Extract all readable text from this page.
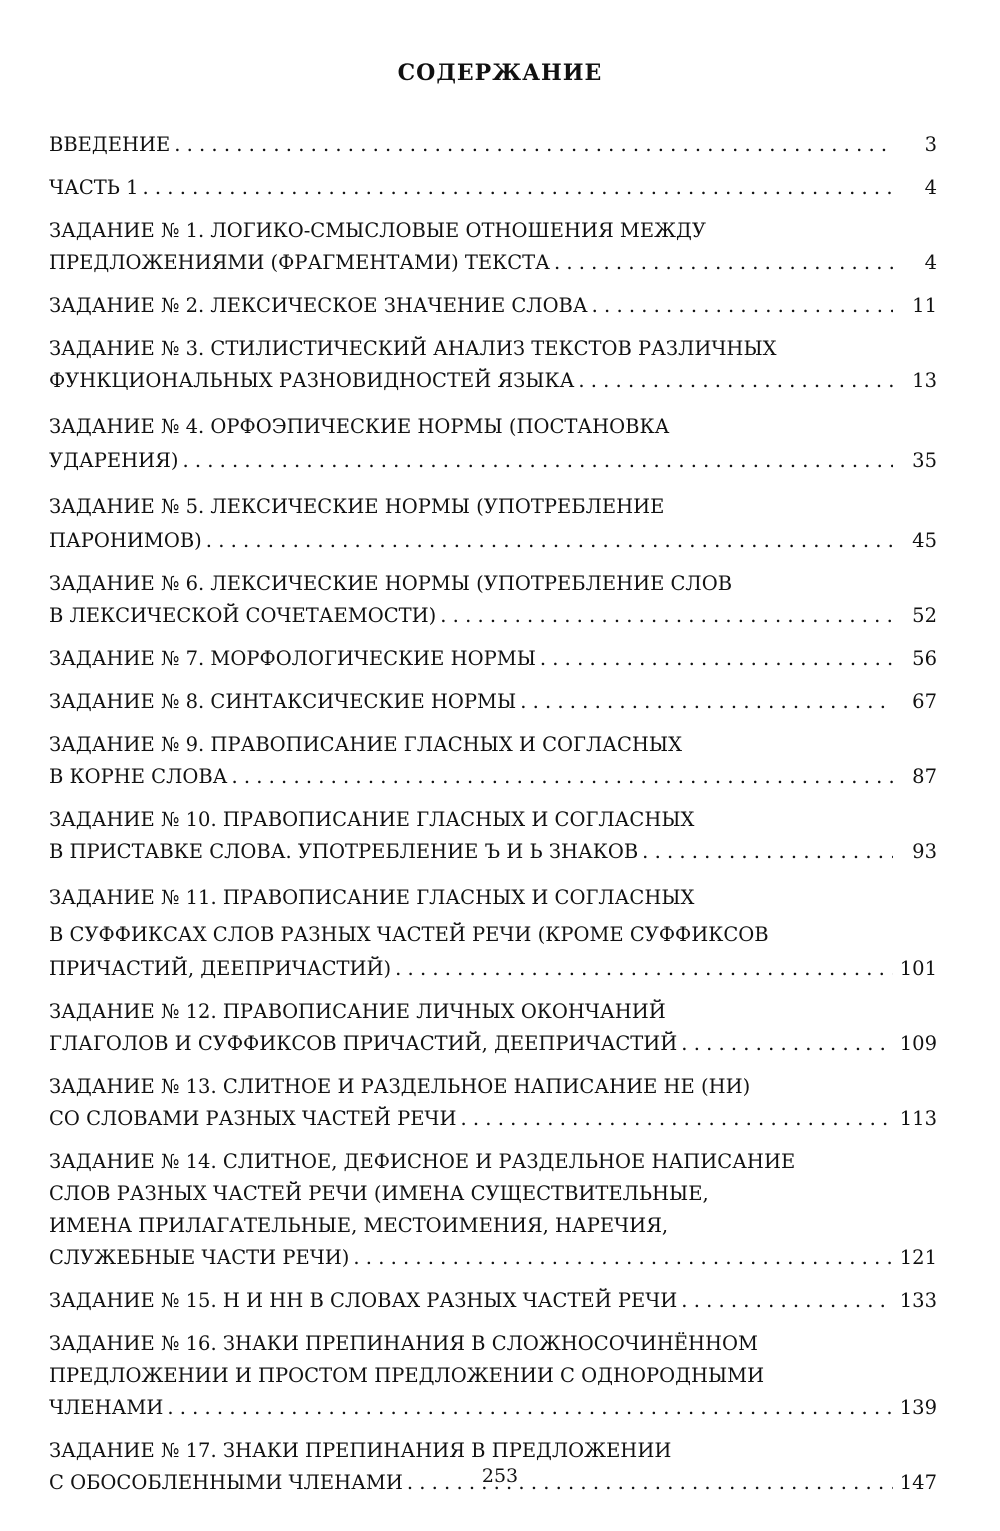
СОДЕРЖАНИЕ
ВВЕДЕНИЕ . . .	3
ЧАСТЬ 1 . . .	4
ЗАДАНИЕ № 1. ЛОГИКО-СМЫСЛОВЫЕ ОТНОШЕНИЯ МЕЖДУ
ПРЕДЛОЖЕНИЯМИ (ФРАГМЕНТАМИ) ТЕКСТА . . .	4
ЗАДАНИЕ № 2. ЛЕКСИЧЕСКОЕ ЗНАЧЕНИЕ СЛОВА . . .	11
ЗАДАНИЕ № 3. СТИЛИСТИЧЕСКИЙ АНАЛИЗ ТЕКСТОВ РАЗЛИЧНЫХ
ФУНКЦИОНАЛЬНЫХ РАЗНОВИДНОСТЕЙ ЯЗЫКА . . .	13
ЗАДАНИЕ № 4. ОРФОЭПИЧЕСКИЕ НОРМЫ (ПОСТАНОВКА
УДАРЕНИЯ) . . .	35
ЗАДАНИЕ № 5. ЛЕКСИЧЕСКИЕ НОРМЫ (УПОТРЕБЛЕНИЕ
ПАРОНИМОВ) . . .	45
ЗАДАНИЕ № 6. ЛЕКСИЧЕСКИЕ НОРМЫ (УПОТРЕБЛЕНИЕ СЛОВ
В ЛЕКСИЧЕСКОЙ СОЧЕТАЕМОСТИ) . . .	52
ЗАДАНИЕ № 7. МОРФОЛОГИЧЕСКИЕ НОРМЫ . . .	56
ЗАДАНИЕ № 8. СИНТАКСИЧЕСКИЕ НОРМЫ . . .	67
ЗАДАНИЕ № 9. ПРАВОПИСАНИЕ ГЛАСНЫХ И СОГЛАСНЫХ
В КОРНЕ СЛОВА . . .	87
ЗАДАНИЕ № 10. ПРАВОПИСАНИЕ ГЛАСНЫХ И СОГЛАСНЫХ
В ПРИСТАВКЕ СЛОВА. УПОТРЕБЛЕНИЕ Ъ И Ь ЗНАКОВ . . .	93
ЗАДАНИЕ № 11. ПРАВОПИСАНИЕ ГЛАСНЫХ И СОГЛАСНЫХ
В СУФФИКСАХ СЛОВ РАЗНЫХ ЧАСТЕЙ РЕЧИ (КРОМЕ СУФФИКСОВ
ПРИЧАСТИЙ, ДЕЕПРИЧАСТИЙ) . . .	101
ЗАДАНИЕ № 12. ПРАВОПИСАНИЕ ЛИЧНЫХ ОКОНЧАНИЙ
ГЛАГОЛОВ И СУФФИКСОВ ПРИЧАСТИЙ, ДЕЕПРИЧАСТИЙ . . .	109
ЗАДАНИЕ № 13. СЛИТНОЕ И РАЗДЕЛЬНОЕ НАПИСАНИЕ НЕ (НИ)
СО СЛОВАМИ РАЗНЫХ ЧАСТЕЙ РЕЧИ . . .	113
ЗАДАНИЕ № 14. СЛИТНОЕ, ДЕФИСНОЕ И РАЗДЕЛЬНОЕ НАПИСАНИЕ
СЛОВ РАЗНЫХ ЧАСТЕЙ РЕЧИ (ИМЕНА СУЩЕСТВИТЕЛЬНЫЕ,
ИМЕНА ПРИЛАГАТЕЛЬНЫЕ, МЕСТОИМЕНИЯ, НАРЕЧИЯ,
СЛУЖЕБНЫЕ ЧАСТИ РЕЧИ) . . .	121
ЗАДАНИЕ № 15. Н И НН В СЛОВАХ РАЗНЫХ ЧАСТЕЙ РЕЧИ . . .	133
ЗАДАНИЕ № 16. ЗНАКИ ПРЕПИНАНИЯ В СЛОЖНОСОЧИНЁННОМ
ПРЕДЛОЖЕНИИ И ПРОСТОМ ПРЕДЛОЖЕНИИ С ОДНОРОДНЫМИ
ЧЛЕНАМИ . . .	139
ЗАДАНИЕ № 17. ЗНАКИ ПРЕПИНАНИЯ В ПРЕДЛОЖЕНИИ
С ОБОСОБЛЕННЫМИ ЧЛЕНАМИ . . .	147
253
